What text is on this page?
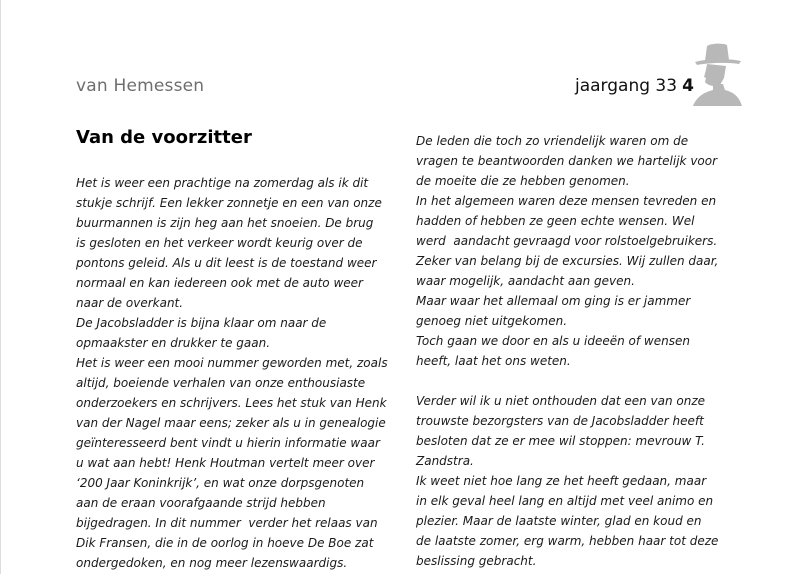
van Hemessen	jaargang 33 4
Van de voorzitter
Het is weer een prachtige na zomerdag als ik dit
stukje schrijf. Een lekker zonnetje en een van onze
buurmannen is zijn heg aan het snoeien. De brug
is gesloten en het verkeer wordt keurig over de
pontons geleid. Als u dit leest is de toestand weer
normaal en kan iedereen ook met de auto weer
naar de overkant.
De Jacobsladder is bijna klaar om naar de
opmaakster en drukker te gaan.
Het is weer een mooi nummer geworden met, zoals
altijd, boeiende verhalen van onze enthousiaste
onderzoekers en schrijvers. Lees het stuk van Henk
van der Nagel maar eens; zeker als u in genealogie
geïnteresseerd bent vindt u hierin informatie waar
u wat aan hebt! Henk Houtman vertelt meer over
‘200 Jaar Koninkrijk’, en wat onze dorpsgenoten
aan de eraan voorafgaande strijd hebben
bijgedragen. In dit nummer  verder het relaas van
Dik Fransen, die in de oorlog in hoeve De Boe zat
ondergedoken, en nog meer lezenswaardigs.
De leden die toch zo vriendelijk waren om de
vragen te beantwoorden danken we hartelijk voor
de moeite die ze hebben genomen.
In het algemeen waren deze mensen tevreden en
hadden of hebben ze geen echte wensen. Wel
werd  aandacht gevraagd voor rolstoelgebruikers.
Zeker van belang bij de excursies. Wij zullen daar,
waar mogelijk, aandacht aan geven.
Maar waar het allemaal om ging is er jammer
genoeg niet uitgekomen.
Toch gaan we door en als u ideeën of wensen
heeft, laat het ons weten.
Verder wil ik u niet onthouden dat een van onze
trouwste bezorgsters van de Jacobsladder heeft
besloten dat ze er mee wil stoppen: mevrouw T.
Zandstra.
Ik weet niet hoe lang ze het heeft gedaan, maar
in elk geval heel lang en altijd met veel animo en
plezier. Maar de laatste winter, glad en koud en
de laatste zomer, erg warm, hebben haar tot deze
beslissing gebracht.
